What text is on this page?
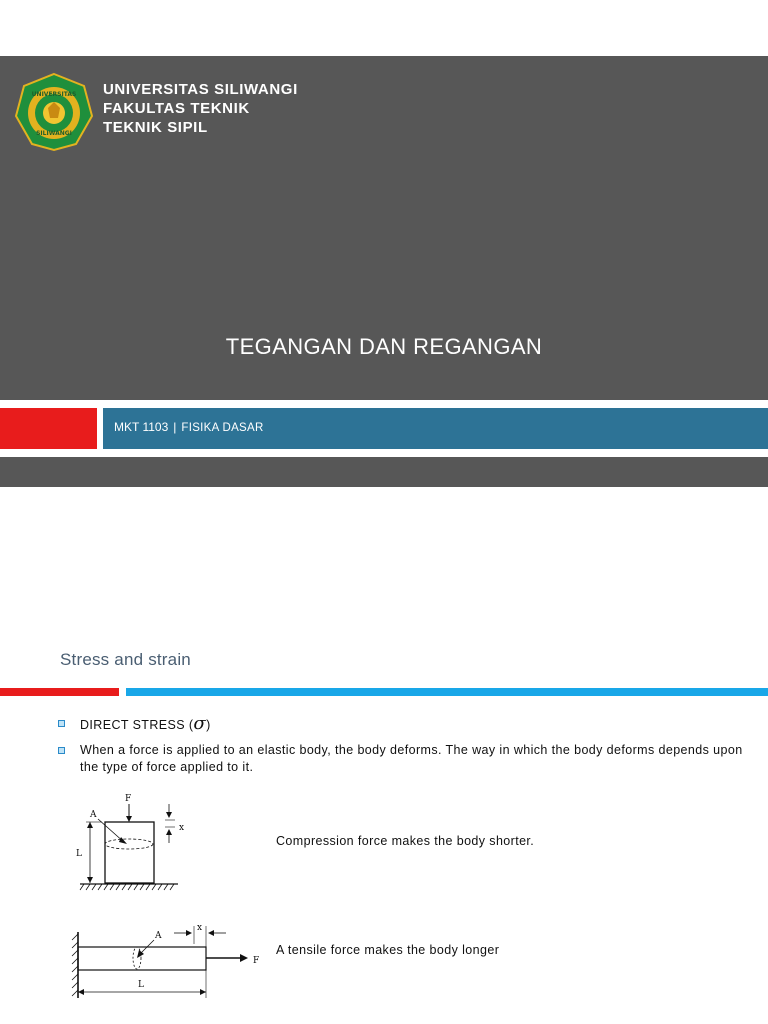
UNIVERSITAS
SILIWANGI
UNIVERSITAS SILIWANGI
FAKULTAS TEKNIK
TEKNIK SIPIL
TEGANGAN DAN REGANGAN
MKT 1103 | FISIKA DASAR
Stress and strain
DIRECT STRESS (σ)
When a force is applied to an elastic body, the body deforms. The way in which the body deforms depends upon the type of force applied to it.
F
A
L
x
Compression force makes the body shorter.
A
x
F
L
A tensile force makes the body longer
